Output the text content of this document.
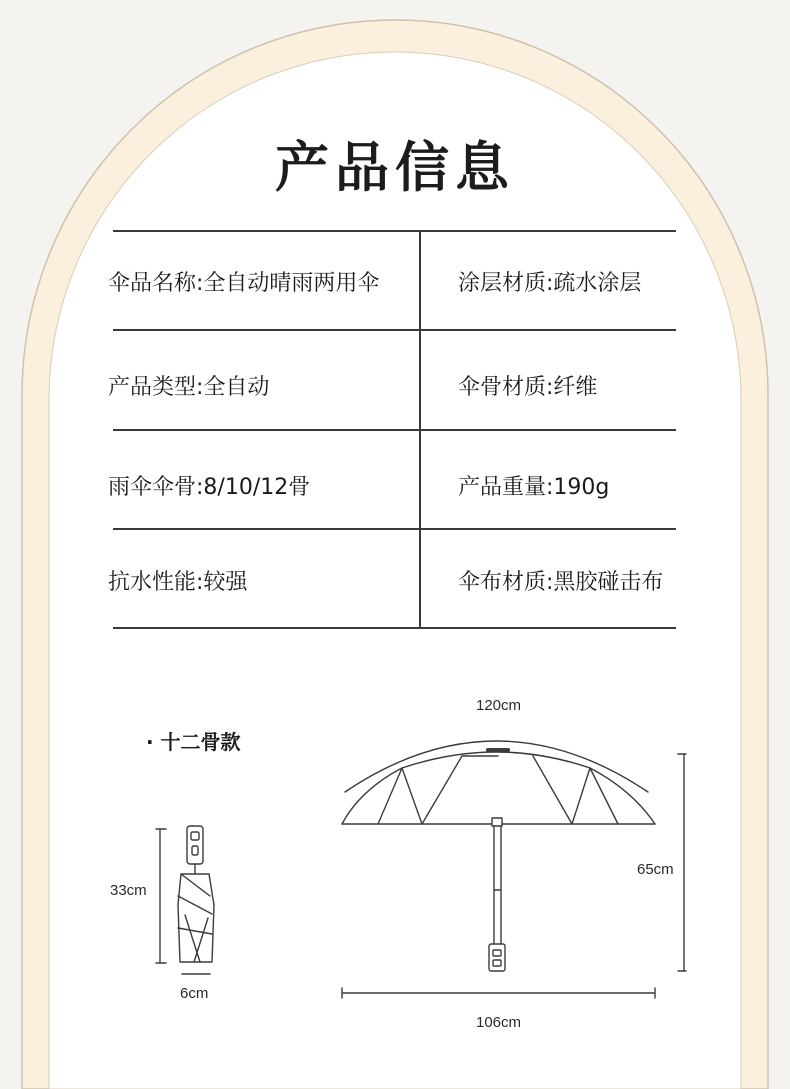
产品信息
伞品名称:全自动晴雨两用伞	涂层材质:疏水涂层
产品类型:全自动	伞骨材质:纤维
雨伞伞骨:8/10/12骨	产品重量:190g
抗水性能:较强	伞布材质:黑胶碰击布
· 十二骨款
33cm
6cm
120cm
65cm
106cm
